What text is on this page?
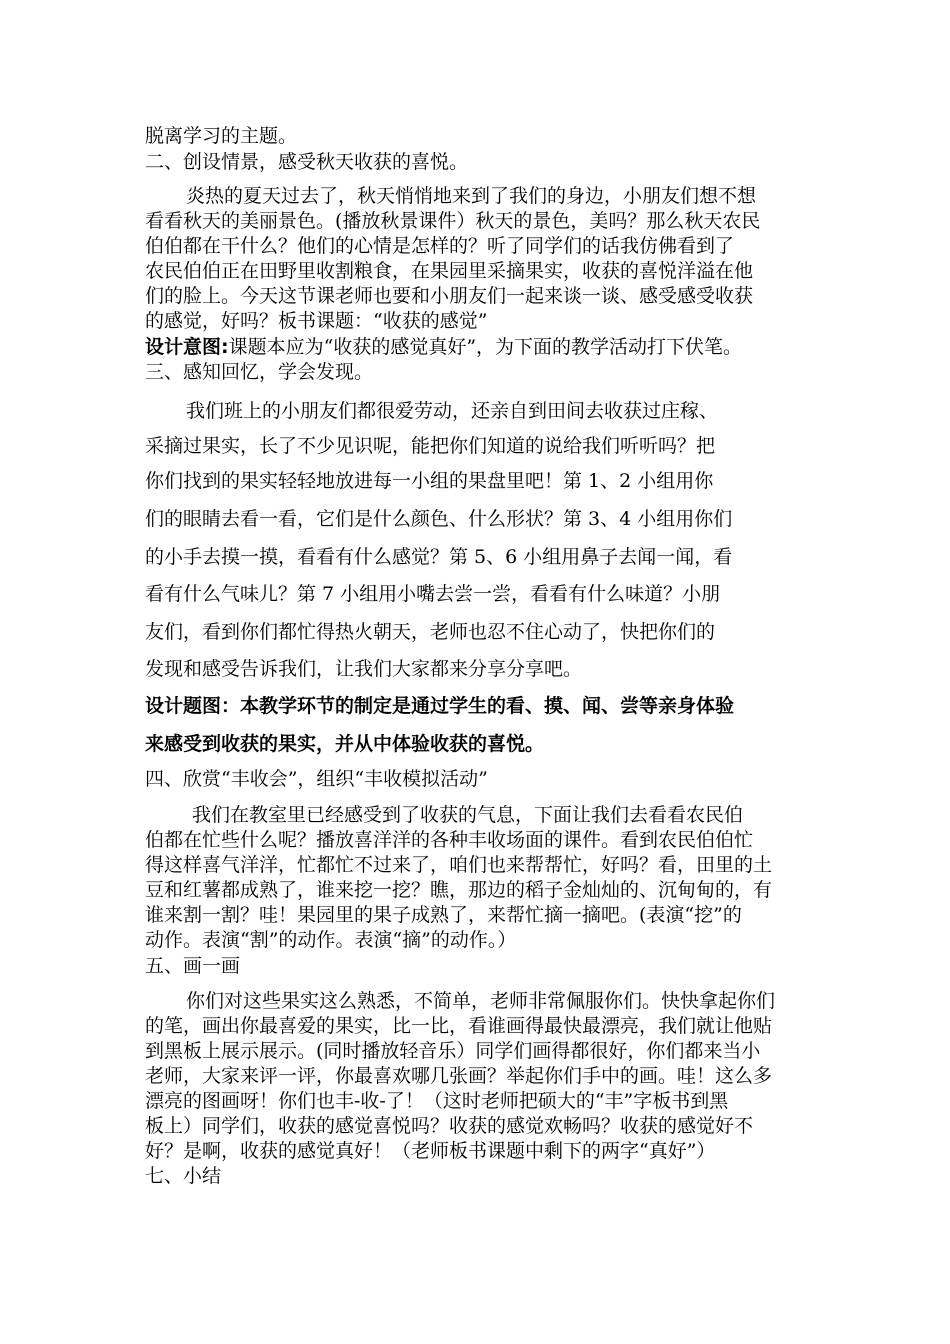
脱离学习的主题。
二、创设情景，感受秋天收获的喜悦。
炎热的夏天过去了，秋天悄悄地来到了我们的身边，小朋友们想不想
看看秋天的美丽景色。(播放秋景课件）秋天的景色，美吗？那么秋天农民
伯伯都在干什么？他们的心情是怎样的？听了同学们的话我仿佛看到了
农民伯伯正在田野里收割粮食，在果园里采摘果实，收获的喜悦洋溢在他
们的脸上。今天这节课老师也要和小朋友们一起来谈一谈、感受感受收获
的感觉，好吗？板书课题：“收获的感觉”
设计意图:课题本应为“收获的感觉真好”，为下面的教学活动打下伏笔。
三、感知回忆，学会发现。
我们班上的小朋友们都很爱劳动，还亲自到田间去收获过庄稼、
采摘过果实，长了不少见识呢，能把你们知道的说给我们听听吗？把
你们找到的果实轻轻地放进每一小组的果盘里吧！第 1、2 小组用你
们的眼睛去看一看，它们是什么颜色、什么形状？第 3、4 小组用你们
的小手去摸一摸，看看有什么感觉？第 5、6 小组用鼻子去闻一闻，看
看有什么气味儿？第 7 小组用小嘴去尝一尝，看看有什么味道？小朋
友们，看到你们都忙得热火朝天，老师也忍不住心动了，快把你们的
发现和感受告诉我们，让我们大家都来分享分享吧。
设计题图：本教学环节的制定是通过学生的看、摸、闻、尝等亲身体验
来感受到收获的果实，并从中体验收获的喜悦。
四、欣赏“丰收会”，组织“丰收模拟活动”
我们在教室里已经感受到了收获的气息，下面让我们去看看农民伯
伯都在忙些什么呢？播放喜洋洋的各种丰收场面的课件。看到农民伯伯忙
得这样喜气洋洋，忙都忙不过来了，咱们也来帮帮忙，好吗？看，田里的土
豆和红薯都成熟了，谁来挖一挖？瞧，那边的稻子金灿灿的、沉甸甸的，有
谁来割一割？哇！果园里的果子成熟了，来帮忙摘一摘吧。(表演“挖”的
动作。表演“割”的动作。表演“摘”的动作。）
五、画一画
你们对这些果实这么熟悉，不简单，老师非常佩服你们。快快拿起你们
的笔，画出你最喜爱的果实，比一比，看谁画得最快最漂亮，我们就让他贴
到黑板上展示展示。(同时播放轻音乐）同学们画得都很好，你们都来当小
老师，大家来评一评，你最喜欢哪几张画？举起你们手中的画。哇！这么多
漂亮的图画呀！你们也丰-收-了！（这时老师把硕大的“丰”字板书到黑
板上）同学们，收获的感觉喜悦吗？收获的感觉欢畅吗？收获的感觉好不
好？是啊，收获的感觉真好！（老师板书课题中剩下的两字“真好”）
七、小结
